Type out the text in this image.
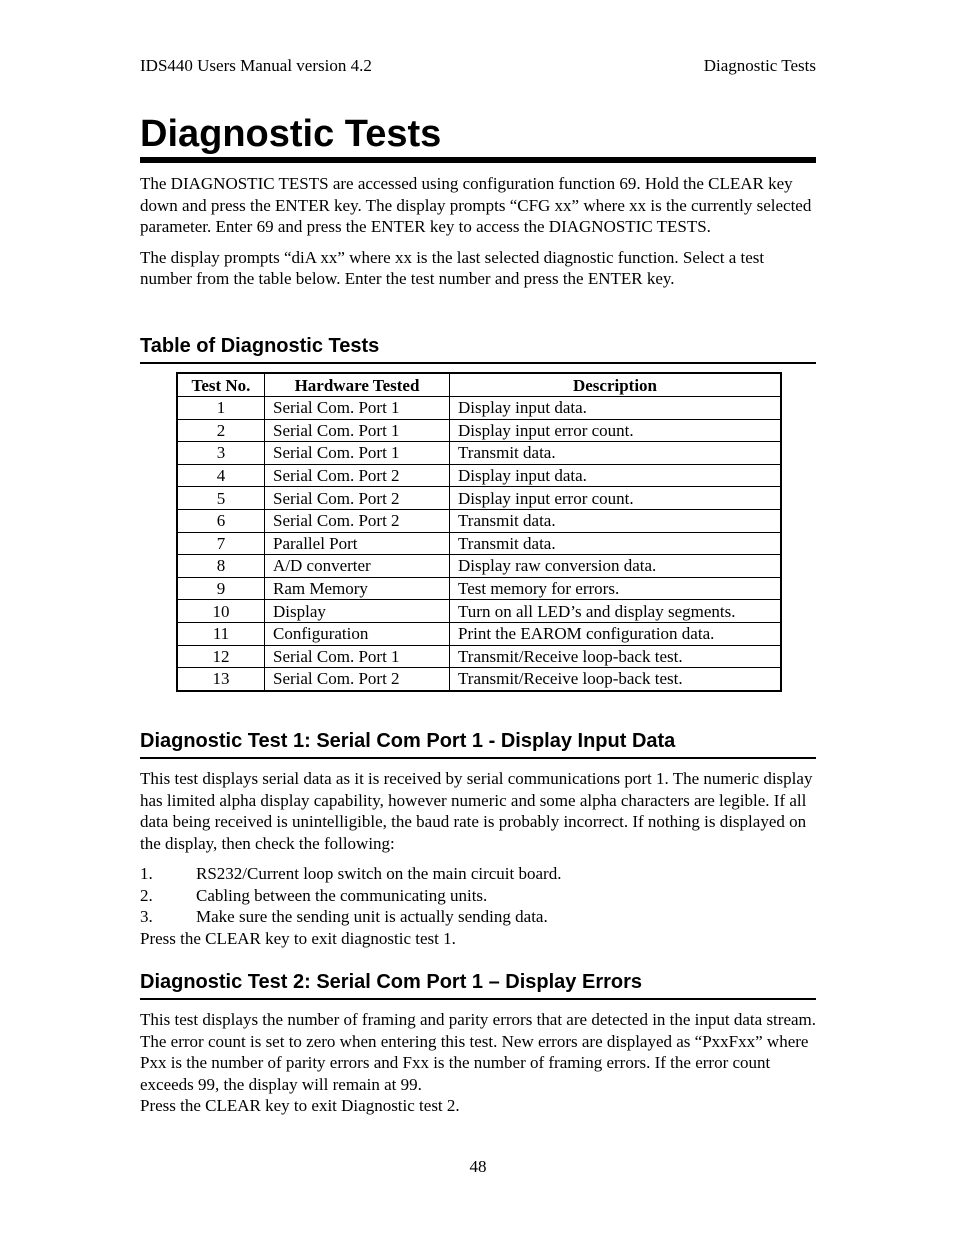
IDS440 Users Manual version 4.2	Diagnostic Tests
Diagnostic Tests

The DIAGNOSTIC TESTS are accessed using configuration function 69. Hold the CLEAR key down and press the ENTER key. The display prompts “CFG xx” where xx is the currently selected parameter. Enter 69 and press the ENTER key to access the DIAGNOSTIC TESTS.

The display prompts “diA xx” where xx is the last selected diagnostic function. Select a test number from the table below. Enter the test number and press the ENTER key.

Table of Diagnostic Tests
Test No.	Hardware Tested	Description
1	Serial Com. Port 1	Display input data.
2	Serial Com. Port 1	Display input error count.
3	Serial Com. Port 1	Transmit data.
4	Serial Com. Port 2	Display input data.
5	Serial Com. Port 2	Display input error count.
6	Serial Com. Port 2	Transmit data.
7	Parallel Port	Transmit data.
8	A/D converter	Display raw conversion data.
9	Ram Memory	Test memory for errors.
10	Display	Turn on all LED’s and display segments.
11	Configuration	Print the EAROM configuration data.
12	Serial Com. Port 1	Transmit/Receive loop-back test.
13	Serial Com. Port 2	Transmit/Receive loop-back test.
Diagnostic Test 1: Serial Com Port 1 - Display Input Data

This test displays serial data as it is received by serial communications port 1. The numeric display has limited alpha display capability, however numeric and some alpha characters are legible. If all data being received is unintelligible, the baud rate is probably incorrect. If nothing is displayed on the display, then check the following:

1.	RS232/Current loop switch on the main circuit board.
2.	Cabling between the communicating units.
3.	Make sure the sending unit is actually sending data.

Press the CLEAR key to exit diagnostic test 1.

Diagnostic Test 2: Serial Com Port 1 – Display Errors

This test displays the number of framing and parity errors that are detected in the input data stream. The error count is set to zero when entering this test. New errors are displayed as “PxxFxx” where Pxx is the number of parity errors and Fxx is the number of framing errors. If the error count exceeds 99, the display will remain at 99.

Press the CLEAR key to exit Diagnostic test 2.

48
